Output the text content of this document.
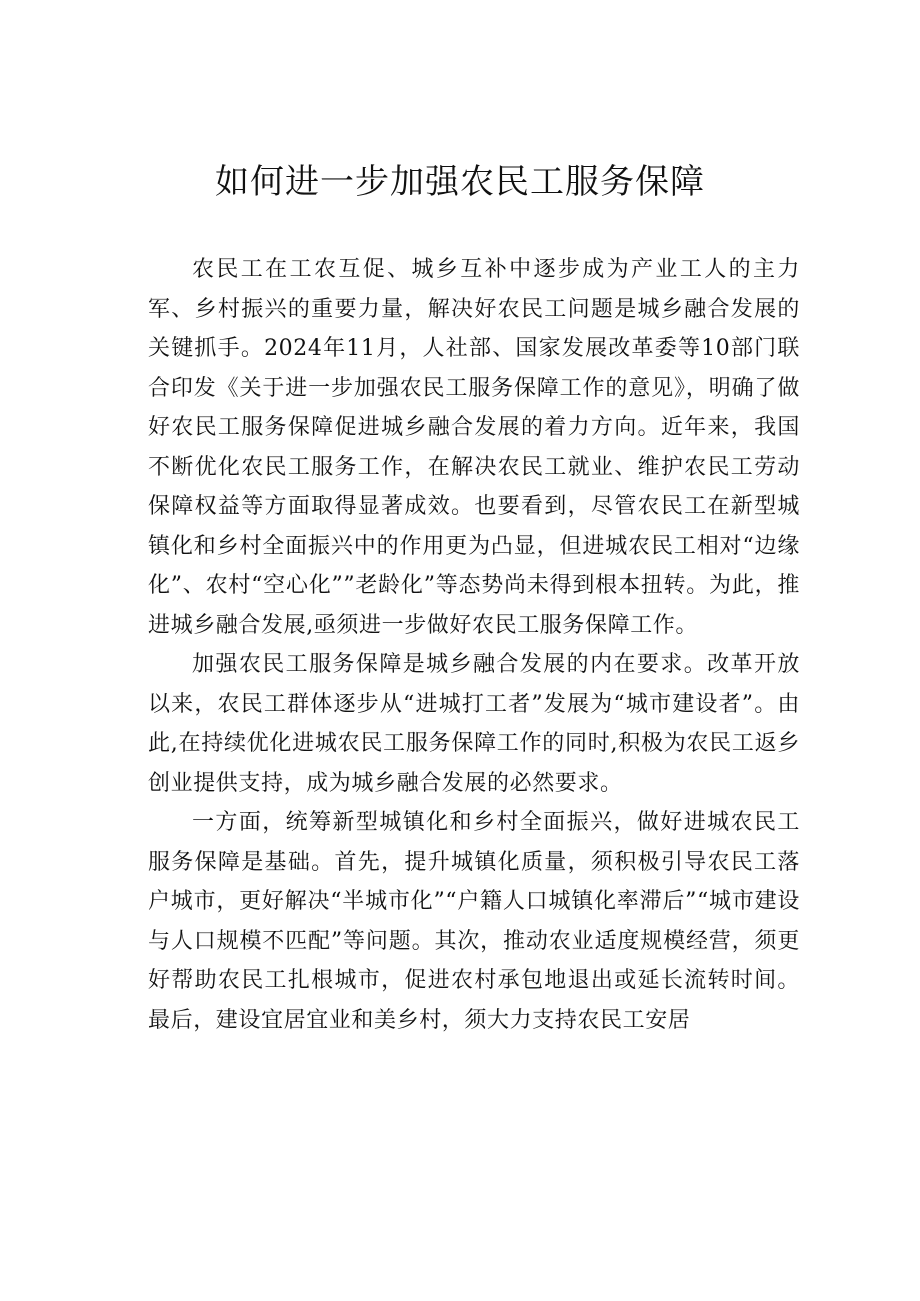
如何进一步加强农民工服务保障

农民工在工农互促、城乡互补中逐步成为产业工人的主力军、乡村振兴的重要力量，解决好农民工问题是城乡融合发展的关键抓手。2024年11月，人社部、国家发展改革委等10部门联合印发《关于进一步加强农民工服务保障工作的意见》，明确了做好农民工服务保障促进城乡融合发展的着力方向。近年来，我国不断优化农民工服务工作，在解决农民工就业、维护农民工劳动保障权益等方面取得显著成效。也要看到，尽管农民工在新型城镇化和乡村全面振兴中的作用更为凸显，但进城农民工相对“边缘化”、农村“空心化””老龄化”等态势尚未得到根本扭转。为此，推进城乡融合发展,亟须进一步做好农民工服务保障工作。

加强农民工服务保障是城乡融合发展的内在要求。改革开放以来，农民工群体逐步从“进城打工者”发展为“城市建设者”。由此,在持续优化进城农民工服务保障工作的同时,积极为农民工返乡创业提供支持，成为城乡融合发展的必然要求。

一方面，统筹新型城镇化和乡村全面振兴，做好进城农民工服务保障是基础。首先，提升城镇化质量，须积极引导农民工落户城市，更好解决“半城市化”“户籍人口城镇化率滞后”“城市建设与人口规模不匹配”等问题。其次，推动农业适度规模经营，须更好帮助农民工扎根城市，促进农村承包地退出或延长流转时间。最后，建设宜居宜业和美乡村，须大力支持农民工安居
